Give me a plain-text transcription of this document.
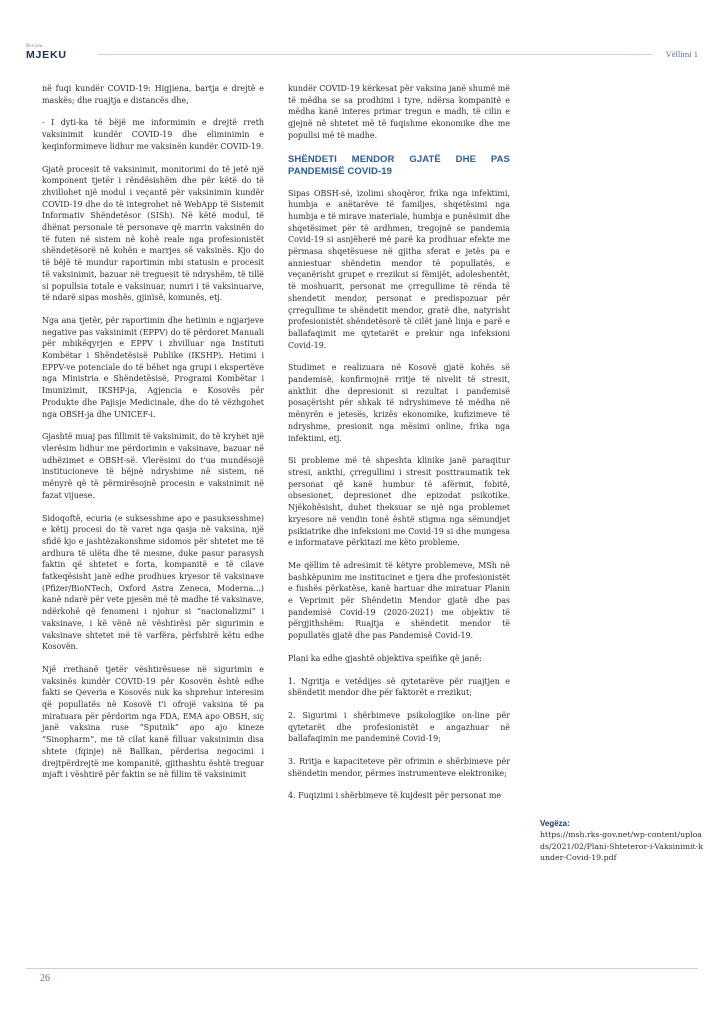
Revista
MJEKU	Vëllimi 1

në fuqi kundër COVID-19: Higjiena, bartja e drejtë e maskës; dhe ruajtja e distancës dhe,

- I dyti-ka të bëjë me informimin e drejtë rreth vaksinimit kundër COVID-19 dhe eliminimin e keqinformimeve lidhur me vaksinën kundër COVID-19.

Gjatë procesit të vaksinimit, monitorimi do të jetë një komponent tjetër i rëndësishëm dhe për këtë do të zhvillohet një modul i veçantë për vaksinimin kundër COVID-19 dhe do të integrohet në WebApp të Sistemit Informativ Shëndetësor (SISh). Në këtë modul, të dhënat personale të personave që marrin vaksinën do të futen në sistem në kohë reale nga profesionistët shëndetësorë në kohën e marrjes së vaksinës. Kjo do të bëjë të mundur raportimin mbi statusin e procesit të vaksinimit, bazuar në treguesit të ndryshëm, të tillë si popullsia totale e vaksinuar, numri i të vaksinuarve, të ndarë sipas moshës, gjinisë, komunës, etj.

Nga ana tjetër, për raportimin dhe hetimin e ngjarjeve negative pas vaksinimit (EPPV) do të përdoret Manuali për mbikëqyrjen e EPPV i zhvilluar nga Instituti Kombëtar i Shëndetësisë Publike (IKSHP). Hetimi i EPPV-ve potenciale do të bëhet nga grupi i ekspertëve nga Ministria e Shëndetësisë, Programi Kombëtar i Imunizimit, IKSHP-ja, Agjencia e Kosovës për Produkte dhe Pajisje Medicinale, dhe do të vëzhgohet nga OBSH-ja dhe UNICEF-i.

Gjashtë muaj pas fillimit të vaksinimit, do të kryhet një vlerësim lidhur me përdorimin e vaksinave, bazuar në udhëzimet e OBSH-së. Vlerësimi do t'ua mundësojë institucioneve të bëjnë ndryshime në sistem, në mënyrë që të përmirësojnë procesin e vaksinimit në fazat vijuese.

Sidoqoftë, ecuria (e suksesshme apo e pasuksesshme) e këtij procesi do të varet nga qasja në vaksina, një sfidë kjo e jashtëzakonshme sidomos për shtetet me të ardhura të ulëta dhe të mesme, duke pasur parasysh faktin që shtetet e forta, kompanitë e të cilave fatkeqësisht janë edhe prodhues kryesor të vaksinave (Pfizer/BioNTech, Oxford Astra Zeneca, Moderna...) kanë ndarë për vete pjesën më të madhe të vaksinave, ndërkohë që fenomeni i njohur si “nacionalizmi” i vaksinave, i kë vënë në vështirësi për sigurimin e vaksinave shtetet më të varfëra, përfshirë këtu edhe Kosovën.

Një rrethanë tjetër vështirësuese në sigurimin e vaksinës kundër COVID-19 për Kosovën është edhe fakti se Qeveria e Kosovës nuk ka shprehur interesim që popullatës në Kosovë t'i ofrojë vaksina të pa miratuara për përdorim nga FDA, EMA apo OBSH, siç janë vaksina ruse “Sputnik” apo ajo kineze “Sinopharm”, me të cilat kanë filluar vaksinimin disa shtete (fqinje) në Ballkan, përderisa negocimi i drejtpërdrejtë me kompanitë, gjithashtu është treguar mjaft i vështirë për faktin se në fillim të vaksinimit

kundër COVID-19 kërkesat për vaksina janë shumë më të mëdha se sa prodhimi i tyre, ndërsa kompanitë e mëdha kanë interes primar tregun e madh, të cilin e gjejnë në shtetet më të fuqishme ekonomike dhe me popullsi më të madhe.

SHËNDETI MENDOR GJATË DHE PAS PANDEMISË COVID-19

Sipas OBSH-së, izolimi shoqëror, frika nga infektimi, humbja e anëtarëve të familjes, shqetësimi nga humbja e të mirave materiale, humbja e punësimit dhe shqetësimet për të ardhmen, tregojnë se pandemia Covid-19 si asnjëherë më parë ka prodhuar efekte me përmasa shqetësuese në gjitha sferat e jetës pa e anniestuar shëndetin mendor të popullatës, e veçanërisht grupet e rrezikut si fëmijët, adoleshentët, të moshuarit, personat me çrregullime të rënda të shendetit mendor, personat e predispozuar për çrregullime te shëndetit mendor, gratë dhe, natyrisht profesionistët shëndetësorë të cilët janë linja e parë e ballafaqimit me qytetarët e prekur nga infeksioni Covid-19.

Studimet e realizuara në Kosovë gjatë kohës së pandemisë, konfirmojnë rritje të nivelit të stresit, ankthit dhe depresionit si rezultat i pandemisë posaçërisht për shkak të ndryshimeve të mëdha në mënyrën e jetesës, krizës ekonomike, kufizimeve të ndryshme, presionit nga mësimi online, frika nga infektimi, etj.

Si probleme më të shpeshta klinike janë paraqitur stresi, ankthi, çrregullimi i stresit posttraumatik tek personat që kanë humbur të afërmit, fobitë, obsesionet, depresionet dhe epizodat psikotike. Njëkohësisht, duhet theksuar se një nga problemet kryesore në vendin tonë është stigma nga sëmundjet psikiatrike dhe infeksioni me Covid-19 si dhe mungesa e informatave përkitazi me këto probleme.

Me qëllim të adresimit të këtyre problemeve, MSh në bashkëpunim me institucinet e tjera dhe profesionistët e fushës përkatëse, kanë hartuar dhe miratuar Planin e Veprimit për Shëndetin Mendor gjatë dhe pas pandemisë Covid-19 (2020-2021) me objektiv të përgjithshëm: Ruajtja e shëndetit mendor të popullatës gjatë dhe pas Pandemisë Covid-19.

Plani ka edhe gjashtë objektiva speifike që janë:

1. Ngritja e vetëdijes së qytetarëve për ruajtjen e shëndetit mendor dhe për faktorët e rrezikut;

2. Sigurimi i shërbimeve psikologjike on-line për qytetarët dhe profesionistët e angazhuar në ballafaqimin me pandeminë Covid-19;

3. Rritja e kapaciteteve për ofrimin e shërbimeve për shëndetin mendor, përmes instrumenteve elektronike;

4. Fuqizimi i shërbimeve të kujdesit për personat me

Vegëza:
https://msh.rks-gov.net/wp-content/uploads/2021/02/Plani-Shteteror-i-Vaksinimit-kunder-Covid-19.pdf
26
